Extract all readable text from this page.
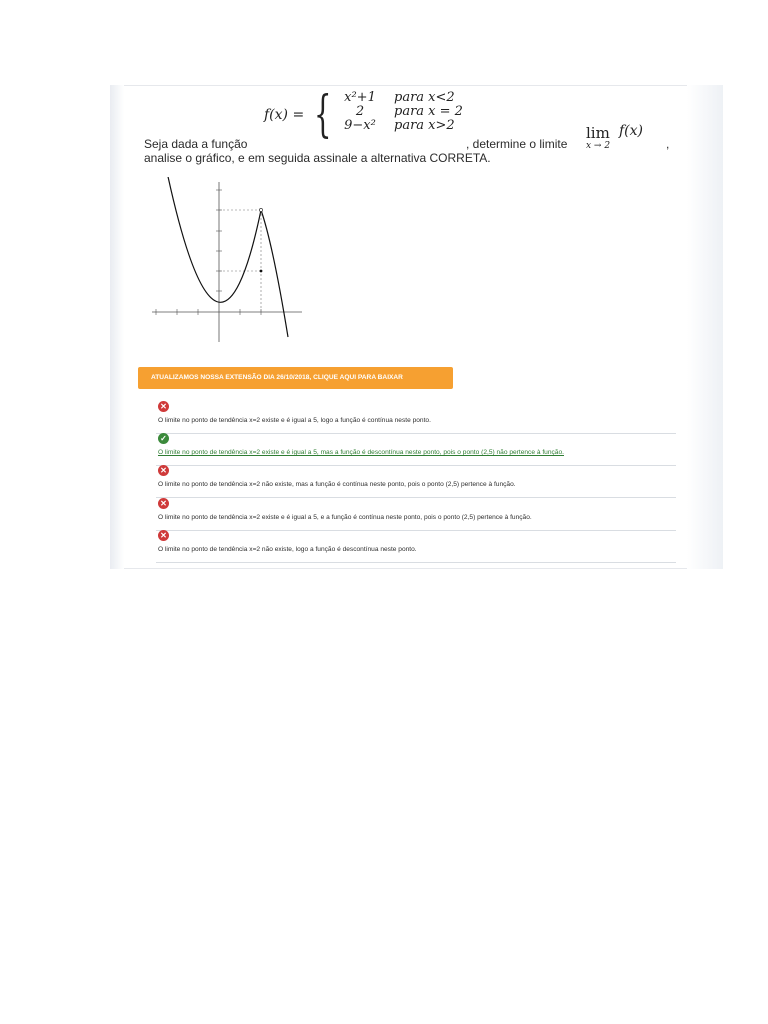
f(x) = { x²+1	para x<2
2	para x = 2
9−x²	para x>2
Seja dada a função	, determine o limite
lim
x → 2
f(x)
,
analise o gráfico, e em seguida assinale a alternativa CORRETA.
ATUALIZAMOS NOSSA EXTENSÃO DIA 26/10/2018, CLIQUE AQUI PARA BAIXAR
✕
O limite no ponto de tendência x=2 existe e é igual a 5, logo a função é contínua neste ponto.
✓
O limite no ponto de tendência x=2 existe e é igual a 5, mas a função é descontínua neste ponto, pois o ponto (2,5) não pertence à função.
✕
O limite no ponto de tendência x=2 não existe, mas a função é contínua neste ponto, pois o ponto (2,5) pertence à função.
✕
O limite no ponto de tendência x=2 existe e é igual a 5, e a função é contínua neste ponto, pois o ponto (2,5) pertence à função.
✕
O limite no ponto de tendência x=2 não existe, logo a função é descontínua neste ponto.
